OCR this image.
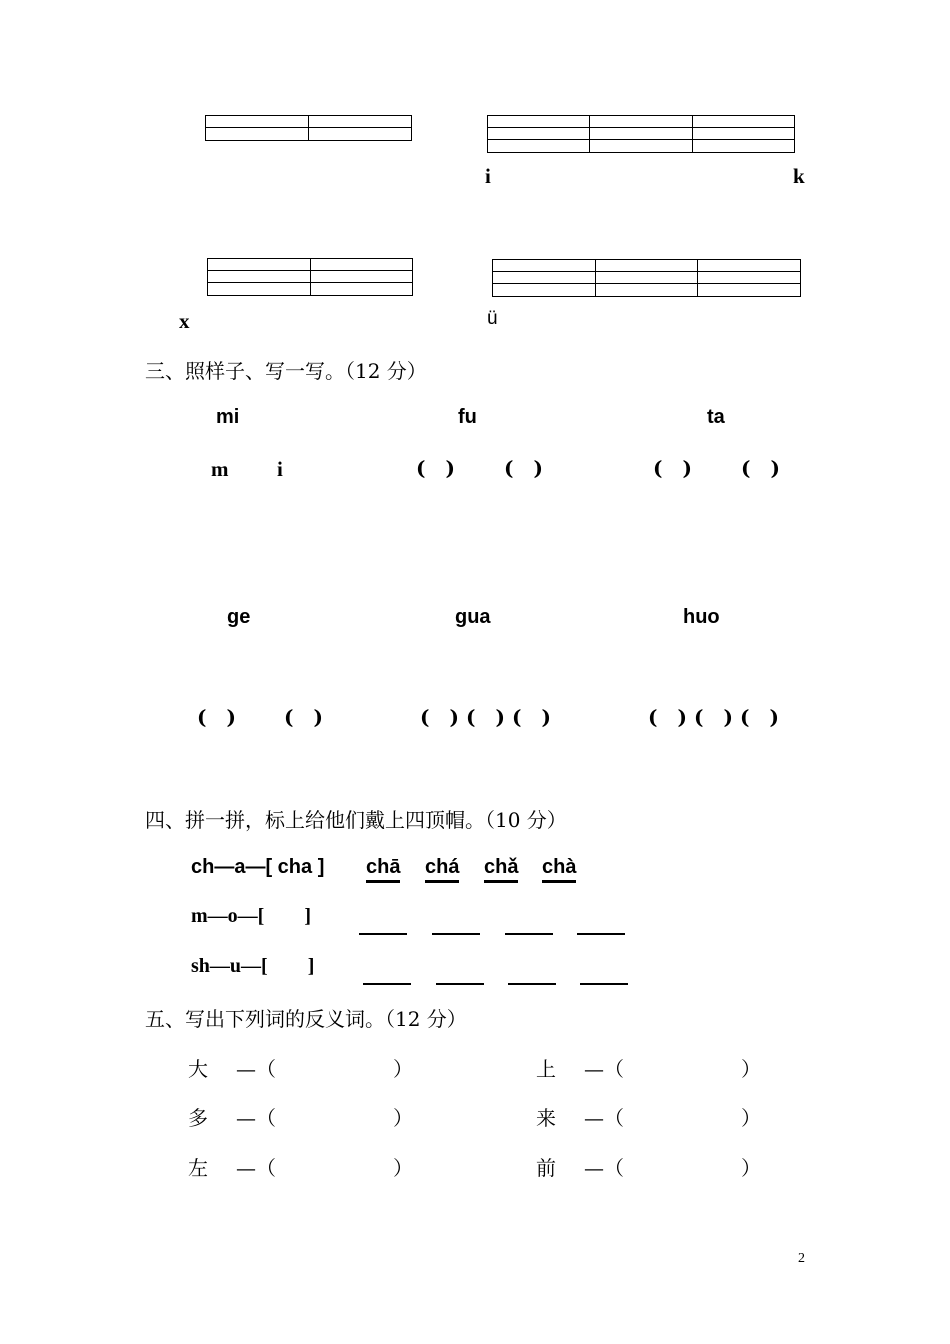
i	k

x	ü
三、照样子、写一写。（12 分）
mi	fu	ta
m i	( ) ( )	( ) ( )
ge	gua	huo
( ) ( )	( ) ( ) ( )	( ) ( ) ( )
四、拼一拼，标上给他们戴上四顶帽。（10 分）
ch—a—[ cha ] chā chá chǎ chà
m—o—[  ]
sh—u—[  ]
五、写出下列词的反义词。（12 分）
大 —（	）	上 —（	）
多 —（	）	来 —（	）
左 —（	）	前 —（	）
2
